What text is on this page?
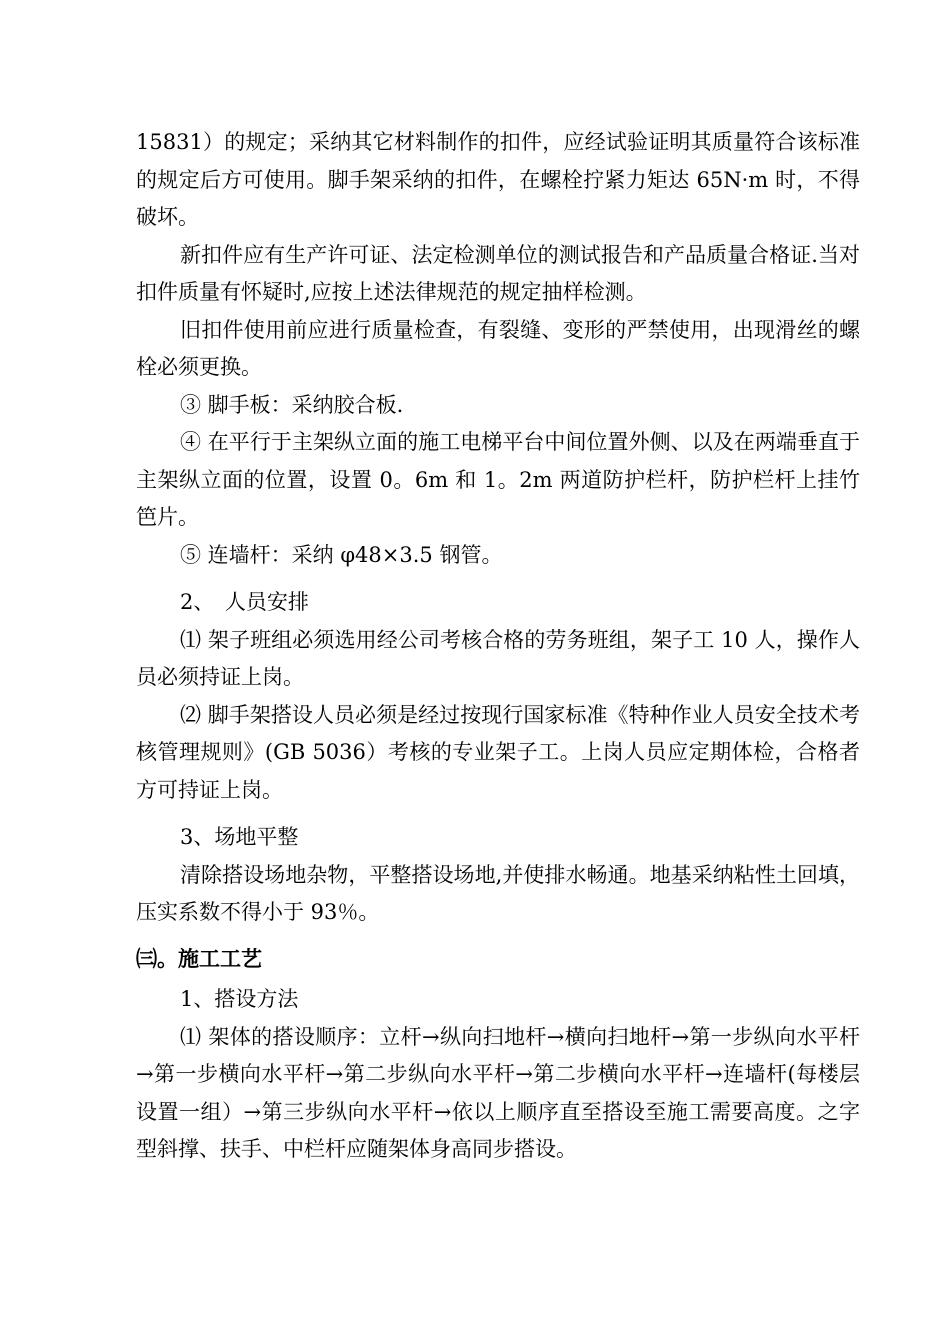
15831）的规定；采纳其它材料制作的扣件，应经试验证明其质量符合该标准的规定后方可使用。脚手架采纳的扣件，在螺栓拧紧力矩达 65N·m 时，不得破坏。

新扣件应有生产许可证、法定检测单位的测试报告和产品质量合格证.当对扣件质量有怀疑时,应按上述法律规范的规定抽样检测。

旧扣件使用前应进行质量检查，有裂缝、变形的严禁使用，出现滑丝的螺栓必须更换。

③ 脚手板：采纳胶合板.

④ 在平行于主架纵立面的施工电梯平台中间位置外侧、以及在两端垂直于主架纵立面的位置，设置 0。6m 和 1。2m 两道防护栏杆，防护栏杆上挂竹笆片。

⑤ 连墙杆：采纳 φ48×3.5 钢管。

2、　人员安排

⑴ 架子班组必须选用经公司考核合格的劳务班组，架子工 10 人，操作人员必须持证上岗。

⑵ 脚手架搭设人员必须是经过按现行国家标准《特种作业人员安全技术考核管理规则》(GB 5036）考核的专业架子工。上岗人员应定期体检，合格者方可持证上岗。

3、场地平整

清除搭设场地杂物，平整搭设场地,并使排水畅通。地基采纳粘性土回填，压实系数不得小于 93％。

㈢。施工工艺

1、搭设方法

⑴ 架体的搭设顺序：立杆→纵向扫地杆→横向扫地杆→第一步纵向水平杆→第一步横向水平杆→第二步纵向水平杆→第二步横向水平杆→连墙杆(每楼层设置一组）→第三步纵向水平杆→依以上顺序直至搭设至施工需要高度。之字型斜撑、扶手、中栏杆应随架体身高同步搭设。
